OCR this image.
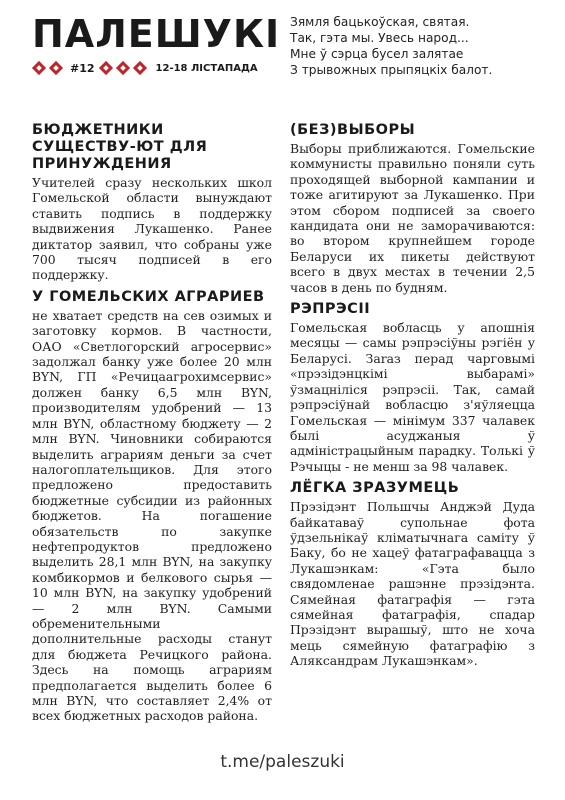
ПАЛЕШУКІ
#12	12-18 ЛІСТАПАДА
Зямля бацькоўская, святая.
Так, гэта мы. Увесь народ...
Мне ў сэрца бусел залятае
З трывожных прыпяцкіх балот.
БЮДЖЕТНИКИ СУЩЕСТВУ-ЮТ ДЛЯ ПРИНУЖДЕНИЯ

Учителей сразу нескольких школ Гомельской области вынуждают ставить подпись в поддержку выдвижения Лукашенко. Ранее диктатор заявил, что собраны уже 700 тысяч подписей в его поддержку.

У ГОМЕЛЬСКИХ АГРАРИЕВ

не хватает средств на сев озимых и заготовку кормов. В частности, ОАО «Светлогорский агросервис» задолжал банку уже более 20 млн BYN, ГП «Речицаагрохимсервис» должен банку 6,5 млн BYN, производителям удобрений — 13 млн BYN, областному бюджету — 2 млн BYN. Чиновники собираются выделить аграриям деньги за счет налогоплательщиков. Для этого предложено предоставить бюджетные субсидии из районных бюджетов. На погашение обязательств по закупке нефтепродуктов предложено выделить 28,1 млн BYN, на закупку комбикормов и белкового сырья — 10 млн BYN, на закупку удобрений — 2 млн BYN. Самыми обременительными дополнительные расходы станут для бюджета Речицкого района. Здесь на помощь аграриям предполагается выделить более 6 млн BYN, что составляет 2,4% от всех бюджетных расходов района.

(БЕЗ)ВЫБОРЫ

Выборы приближаются. Гомельские коммунисты правильно поняли суть проходящей выборной кампании и тоже агитируют за Лукашенко. При этом сбором подписей за своего кандидата они не заморачиваются: во втором крупнейшем городе Беларуси их пикеты действуют всего в двух местах в течении 2,5 часов в день по будням.

РЭПРЭСІІ

Гомельская вобласць у апошнія месяцы — самы рэпрэсіўны рэгіён у Беларусі. Заraз перад чарговымі «прэзідэнцкімі выбарамі» ўзмацніліся рэпрэсіі. Так, самай рэпрэсіўнай вобласцю з'яўляецца Гомельская — мінімум 337 чалавек былі асуджаныя ў адміністрацыйным парадку. Толькі ў Рэчыцы - не менш за 98 чалавек.

ЛЁГКА ЗРАЗУМЕЦЬ

Прэзідэнт Польшчы Анджэй Дуда байкатаваў супольнае фота ўдзельнікаў кліматычнага саміту ў Баку, бо не хацеў фатаграфавацца з Лукашэнкам: «Гэта было свядомленае рашэнне прэзідэнта. Сямейная фатаграфія — гэта сямейная фатаграфія, спадар Прэзідэнт вырашыў, што не хоча мець сямейную фатаграфію з Аляксандрам Лукашэнкам».

t.me/paleszuki
